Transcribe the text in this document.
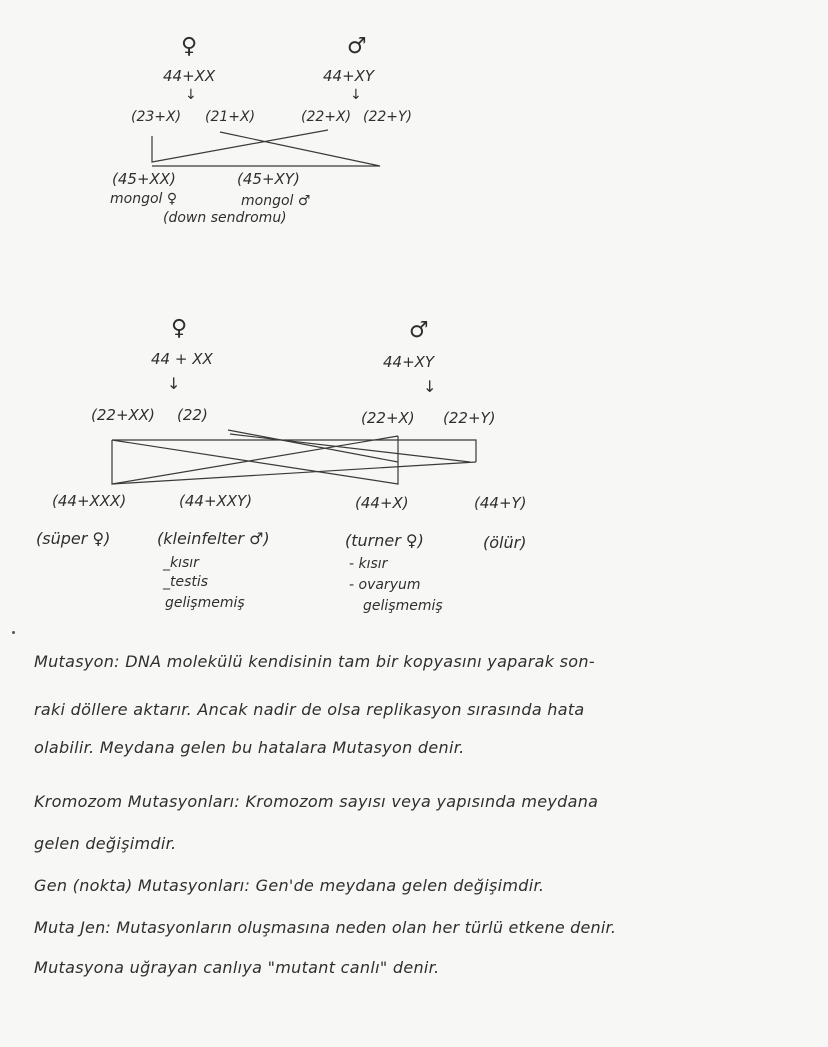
♀	♂
44+XX	44+XY
↓	↓
(23+X) (21+X)	(22+X) (22+Y)
(45+XX)
mongol ♀
(45+XY)
mongol ♂
(down sendromu)
♀	♂
44 + XX	44+XY
↓	↓
(22+XX) (22)	(22+X) (22+Y)
(44+XXX)
(süper ♀)
(44+XXY)
(kleinfelter ♂)
_kısır
_testis
gelişmemiş
(44+X)
(turner ♀)
- kısır
- ovaryum
gelişmemiş
(44+Y)
(ölür)
Mutasyon: DNA molekülü kendisinin tam bir kopyasını yaparak son-
raki döllere aktarır. Ancak nadir de olsa replikasyon sırasında hata
olabilir. Meydana gelen bu hatalara Mutasyon denir.
Kromozom Mutasyonları: Kromozom sayısı veya yapısında meydana
gelen değişimdir.
Gen (nokta) Mutasyonları: Gen'de meydana gelen değişimdir.
Muta Jen: Mutasyonların oluşmasına neden olan her türlü etkene denir.
Mutasyona uğrayan canlıya "mutant canlı" denir.
